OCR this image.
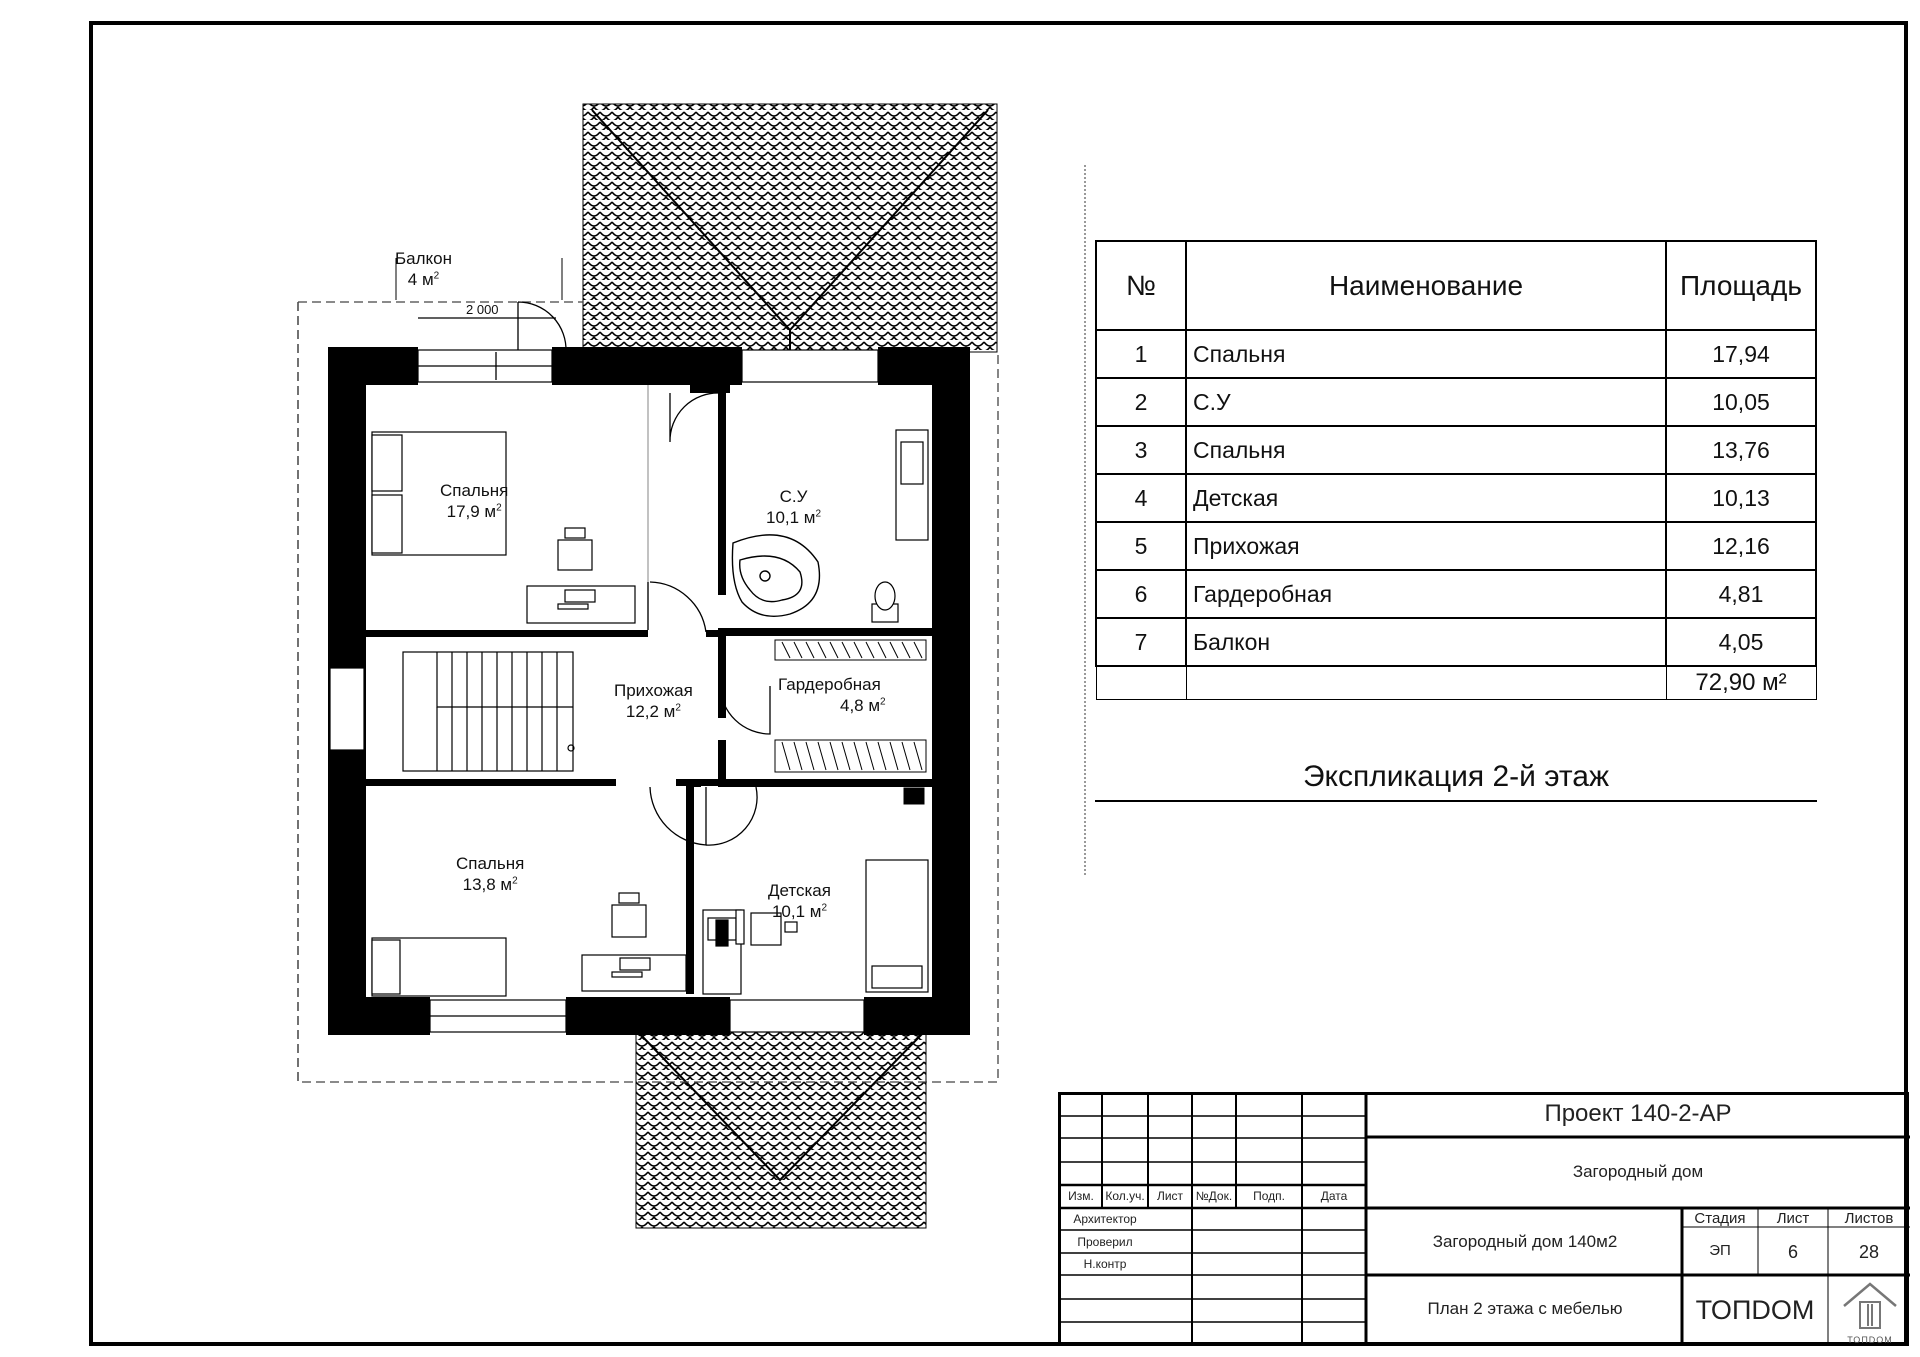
Балкон
4 $м^2$
2 000
Спальня
17,9 $м^2$
С.У
10,1 $м^2$
Прихожая
12,2 $м^2$
Гардеробная
4,8 $м^2$
Спальня
13,8 $м^2$	Детская
10,1 $м^2$
№	Наименование	Площадь
1	Спальня	17,94
2	С.У	10,05
3	Спальня	13,76
4	Детская	10,13
5	Прихожая	12,16
6	Гардеробная	4,81
7	Балкон	4,05
		72,90 м²
Экспликация 2-й этаж
Изм. Кол.уч.	Лист	№Док.	Подп.	Дата
Архитектор
Проверил
Н.контр
Проект 140-2-АР
Загородный дом
Загородный дом 140м2
План 2 этажа с мебелью
Стадия	Лист	Листов
ЭП	6	28
ТОПDOM
ТОПDOM
